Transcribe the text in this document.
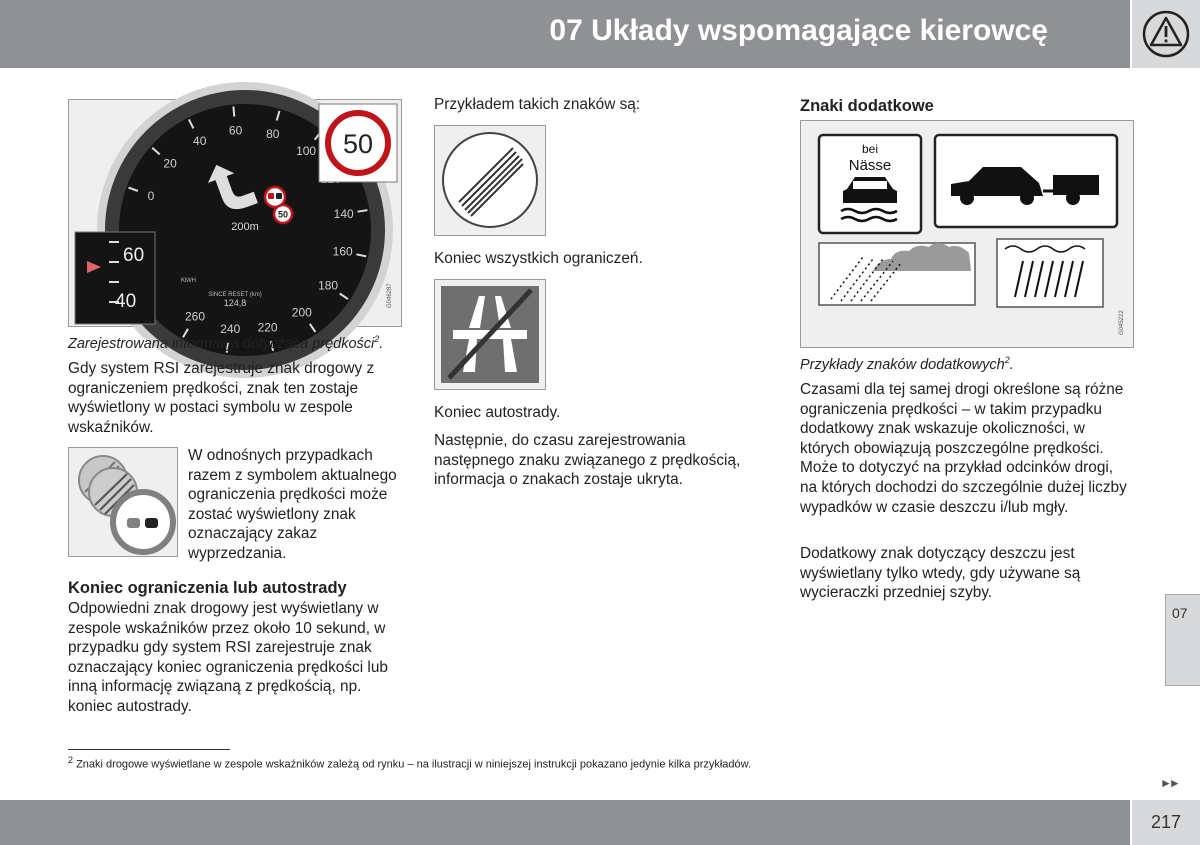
07 Układy wspomagające kierowcę
0
20
40
60 80
100
140
160
180
200
220
240
260
200m
SINCE RESET (km)
124,8
KM/H
50
50
60
40	G046287

Zarejestrowana informacja dotycząca prędkości$^2$.

Gdy system RSI zarejestruje znak drogowy z ograniczeniem prędkości, znak ten zostaje wyświetlony w postaci symbolu w zespole wskaźników.

W odnośnych przypadkach razem z symbolem aktualnego ograniczenia prędkości może zostać wyświetlony znak oznaczający zakaz wyprzedzania.

Koniec ograniczenia lub autostrady

Odpowiedni znak drogowy jest wyświetlany w zespole wskaźników przez około 10 sekund, w przypadku gdy system RSI zarejestruje znak oznaczający koniec ograniczenia prędkości lub inną informację związaną z prędkością, np. koniec autostrady.

Przykładem takich znaków są:

Koniec wszystkich ograniczeń.

Koniec autostrady.

Następnie, do czasu zarejestrowania następnego znaku związanego z prędkością, informacja o znakach zostaje ukryta.

Znaki dodatkowe

bei
Nässe
G045222

Przykłady znaków dodatkowych$^2$.

Czasami dla tej samej drogi określone są różne ograniczenia prędkości – w takim przypadku dodatkowy znak wskazuje okoliczności, w których obowiązują poszczególne prędkości. Może to dotyczyć na przykład odcinków drogi, na których dochodzi do szczególnie dużej liczby wypadków w czasie deszczu i/lub mgły.

Dodatkowy znak dotyczący deszczu jest wyświetlany tylko wtedy, gdy używane są wycieraczki przedniej szyby.

07
$^2$ Znaki drogowe wyświetlane w zespole wskaźników zależą od rynku – na ilustracji w niniejszej instrukcji pokazano jedynie kilka przykładów.
►►
217
